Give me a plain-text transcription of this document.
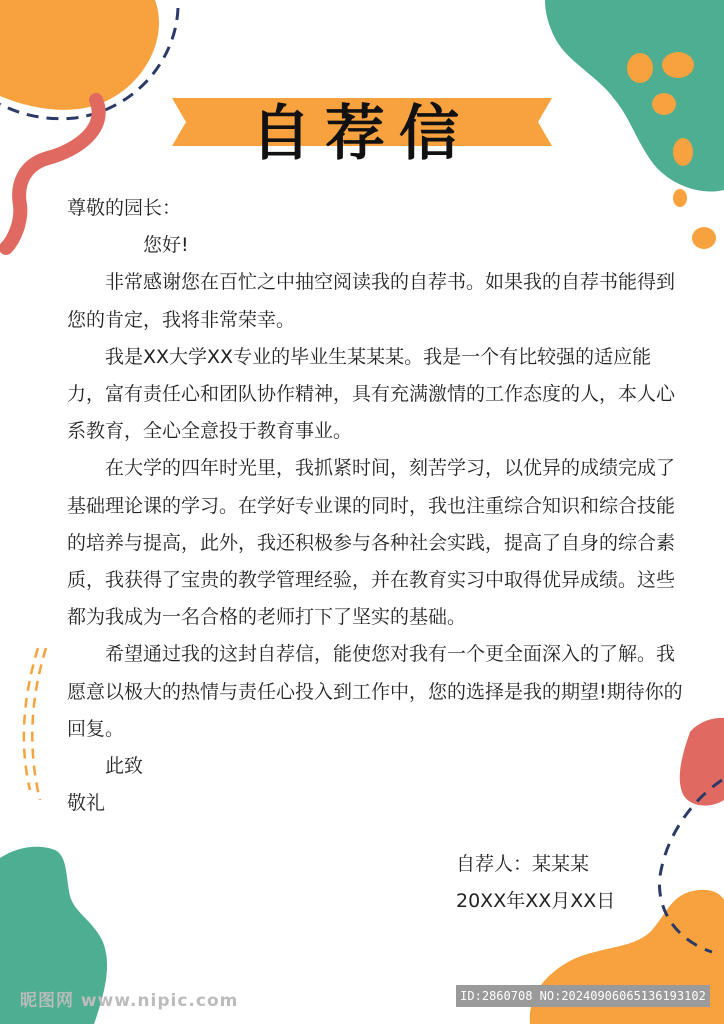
自荐信

尊敬的园长：

您好!

非常感谢您在百忙之中抽空阅读我的自荐书。如果我的自荐书能得到您的肯定，我将非常荣幸。

我是XX大学XX专业的毕业生某某某。我是一个有比较强的适应能力，富有责任心和团队协作精神，具有充满激情的工作态度的人，本人心系教育，全心全意投于教育事业。

在大学的四年时光里，我抓紧时间，刻苦学习，以优异的成绩完成了基础理论课的学习。在学好专业课的同时，我也注重综合知识和综合技能的培养与提高，此外，我还积极参与各种社会实践，提高了自身的综合素质，我获得了宝贵的教学管理经验，并在教育实习中取得优异成绩。这些都为我成为一名合格的老师打下了坚实的基础。

希望通过我的这封自荐信，能使您对我有一个更全面深入的了解。我愿意以极大的热情与责任心投入到工作中，您的选择是我的期望!期待你的回复。

此致

敬礼

自荐人：某某某
20XX年XX月XX日
昵图网 www.nipic.com	ID:2860708 NO:20240906065136193102
